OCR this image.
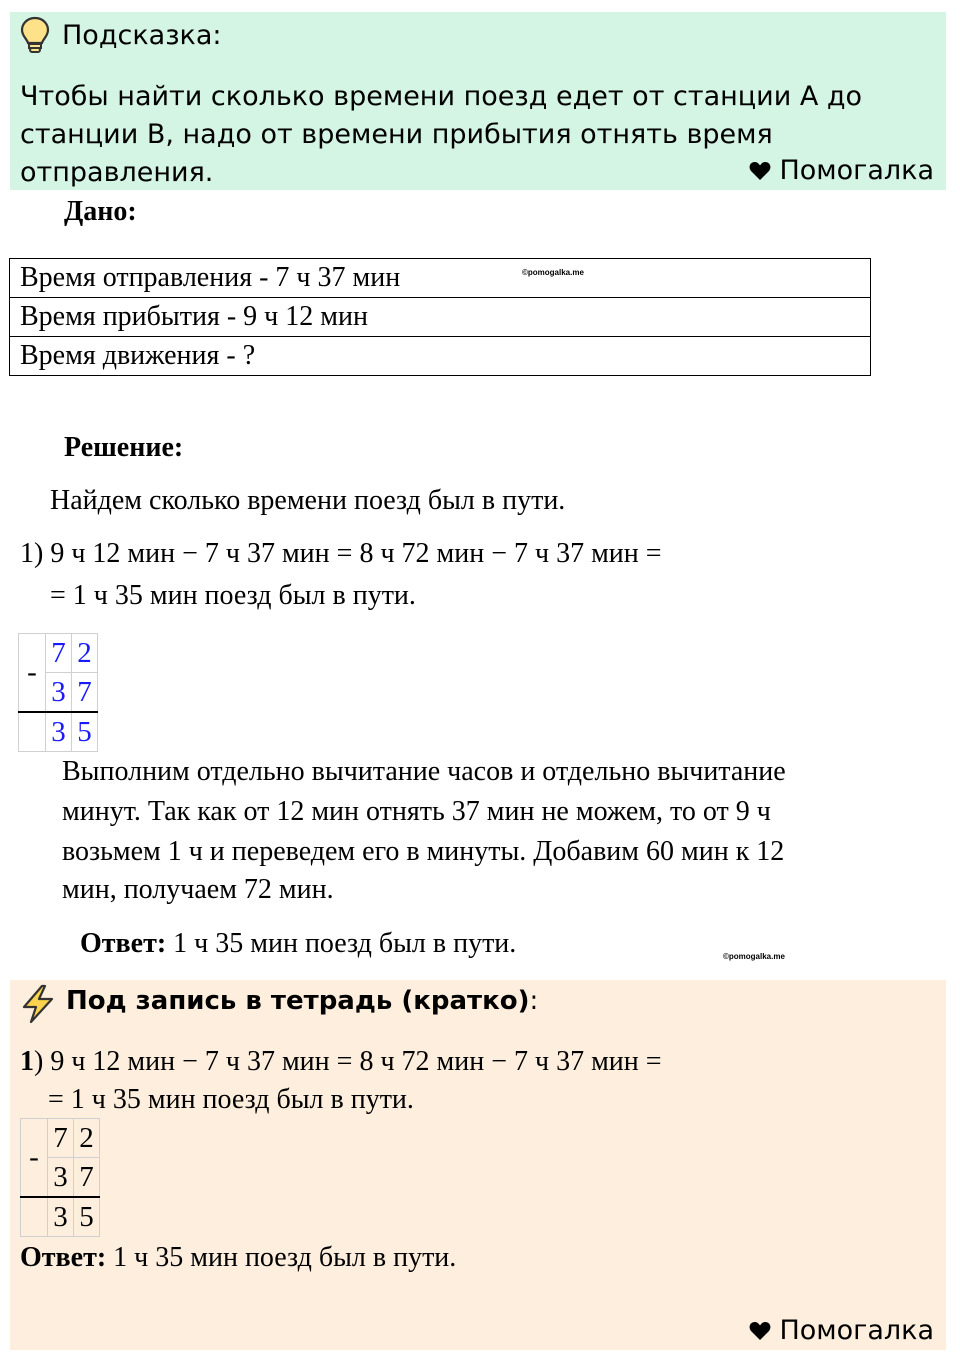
Подсказка:
Чтобы найти сколько времени поезд едет от станции А до станции В, надо от времени прибытия отнять время отправления.	Помогалка
Дано:
Время отправления - 7 ч 37 мин
Время прибытия - 9 ч 12 мин
Время движения - ?
©pomogalka.me
Решение:
Найдем сколько времени поезд был в пути.
1) 9 ч 12 мин − 7 ч 37 мин = 8 ч 72 мин − 7 ч 37 мин =
= 1 ч 35 мин поезд был в пути.
-	7	2
	3	7
	3	5
Выполним отдельно вычитание часов и отдельно вычитание
минут. Так как от 12 мин отнять 37 мин не можем, то от 9 ч
возьмем 1 ч и переведем его в минуты. Добавим 60 мин к 12
мин, получаем 72 мин.
Ответ: 1 ч 35 мин поезд был в пути.	©pomogalka.me
Под запись в тетрадь (кратко):
1) 9 ч 12 мин − 7 ч 37 мин = 8 ч 72 мин − 7 ч 37 мин =
= 1 ч 35 мин поезд был в пути.
-	7	2
	3	7
	3	5
Ответ: 1 ч 35 мин поезд был в пути.
Помогалка
